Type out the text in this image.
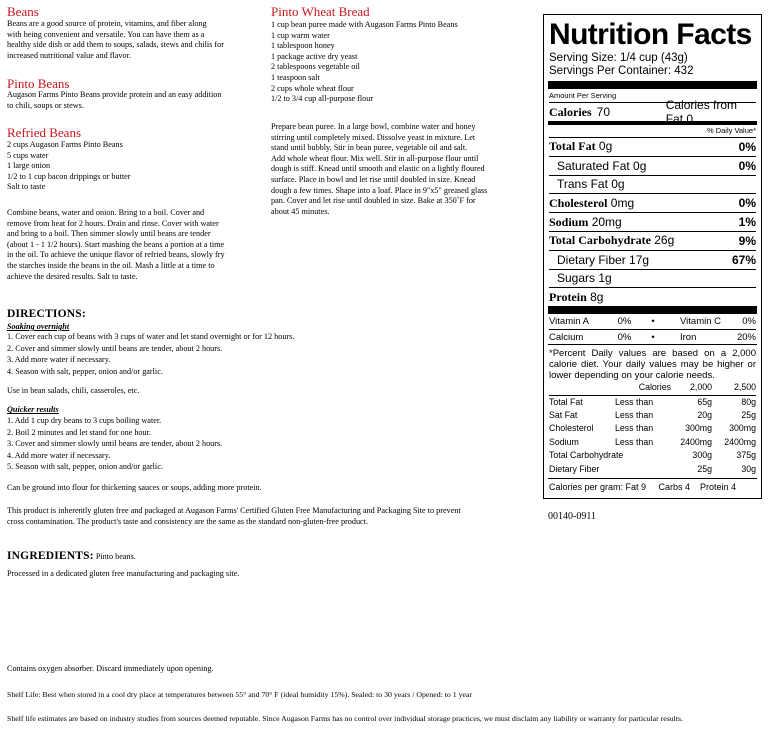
Beans
Beans are a good source of protein, vitamins, and fiber along
with being convenient and versatile. You can have them as a
healthy side dish or add them to soups, salads, stews and chilis for
increased nutritional value and flavor.
Pinto Beans
Augason Farms Pinto Beans provide protein and an easy addition
to chili, soups or stews.
Refried Beans
2 cups Augason Farms Pinto Beans
5 cups water
1 large onion
1/2 to 1 cup bacon drippings or butter
Salt to taste
Combine beans, water and onion. Bring to a boil. Cover and
remove from heat for 2 hours. Drain and rinse. Cover with water
and bring to a boil. Then simmer slowly until beans are tender
(about 1 - 1 1/2 hours). Start mashing the beans a portion at a time
in the oil. To achieve the unique flavor of refried beans, slowly fry
the starches inside the beans in the oil. Mash a little at a time to
achieve the desired results. Salt to taste.
Pinto Wheat Bread
1 cup bean puree made with Augason Farms Pinto Beans
1 cup warm water
1 tablespoon honey
1 package active dry yeast
2 tablespoons vegetable oil
1 teaspoon salt
2 cups whole wheat flour
1/2 to 3/4 cup all-purpose flour
Prepare bean puree. In a large bowl, combine water and honey
stirring until completely mixed. Dissolve yeast in mixture. Let
stand until bubbly. Stir in bean puree, vegetable oil and salt.
Add whole wheat flour. Mix well. Stir in all-purpose flour until
dough is stiff. Knead until smooth and elastic on a lightly floured
surface. Place in bowl and let rise until doubled in size. Knead
dough a few times. Shape into a loaf. Place in 9"x5" greased glass
pan. Cover and let rise until doubled in size. Bake at 350˚F for
about 45 minutes.
DIRECTIONS:
Soaking overnight
1. Cover each cup of beans with 3 cups of water and let stand overnight or for 12 hours.
2. Cover and simmer slowly until beans are tender, about 2 hours.
3. Add more water if necessary.
4. Season with salt, pepper, onion and/or garlic.
Use in bean salads, chili, casseroles, etc.
Quicker results
1. Add 1 cup dry beans to 3 cups boiling water.
2. Boil 2 minutes and let stand for one hour.
3. Cover and simmer slowly until beans are tender, about 2 hours.
4. Add more water if necessary.
5. Season with salt, pepper, onion and/or garlic.
Can be ground into flour for thickening sauces or soups, adding more protein.
This product is inherently gluten free and packaged at Augason Farms' Certified Gluten Free Manufacturing and Packaging Site to prevent
cross contamination. The product's taste and consistency are the same as the standard non-gluten-free product.
INGREDIENTS: Pinto beans.
Processed in a dedicated gluten free manufacturing and packaging site.
Contains oxygen absorber. Discard immediately upon opening.
Shelf Life: Best when stored in a cool dry place at temperatures between 55° and 70° F (ideal humidity 15%). Sealed: to 30 years / Opened: to 1 year
Shelf life estimates are based on industry studies from sources deemed reputable. Since Augason Farms has no control over individual storage practices, we must disclaim any liability or warranty for particular results.
00140-0911
Nutrition Facts
Serving Size: 1/4 cup (43g)
Servings Per Container: 432
Amount Per Serving
Calories 70	Calories from Fat 0
% Daily Value*
Total Fat 0g	0%
Saturated Fat 0g	0%
Trans Fat 0g
Cholesterol 0mg	0%
Sodium 20mg	1%
Total Carbohydrate 26g	9%
Dietary Fiber 17g	67%
Sugars 1g
Protein 8g
Vitamin A	0%	•	Vitamin C	0%
Calcium	0%	•	Iron	20%
*Percent Daily values are based on a 2,000 calorie diet. Your daily values may be higher or lower depending on your calorie needs.
	Calories	2,000	2,500
Total Fat	Less than	65g	80g
Sat Fat	Less than	20g	25g
Cholesterol	Less than	300mg	300mg
Sodium	Less than	2400mg	2400mg
Total Carbohydrate		300g	375g
Dietary Fiber		25g	30g
Calories per gram: Fat 9     Carbs 4    Protein 4
